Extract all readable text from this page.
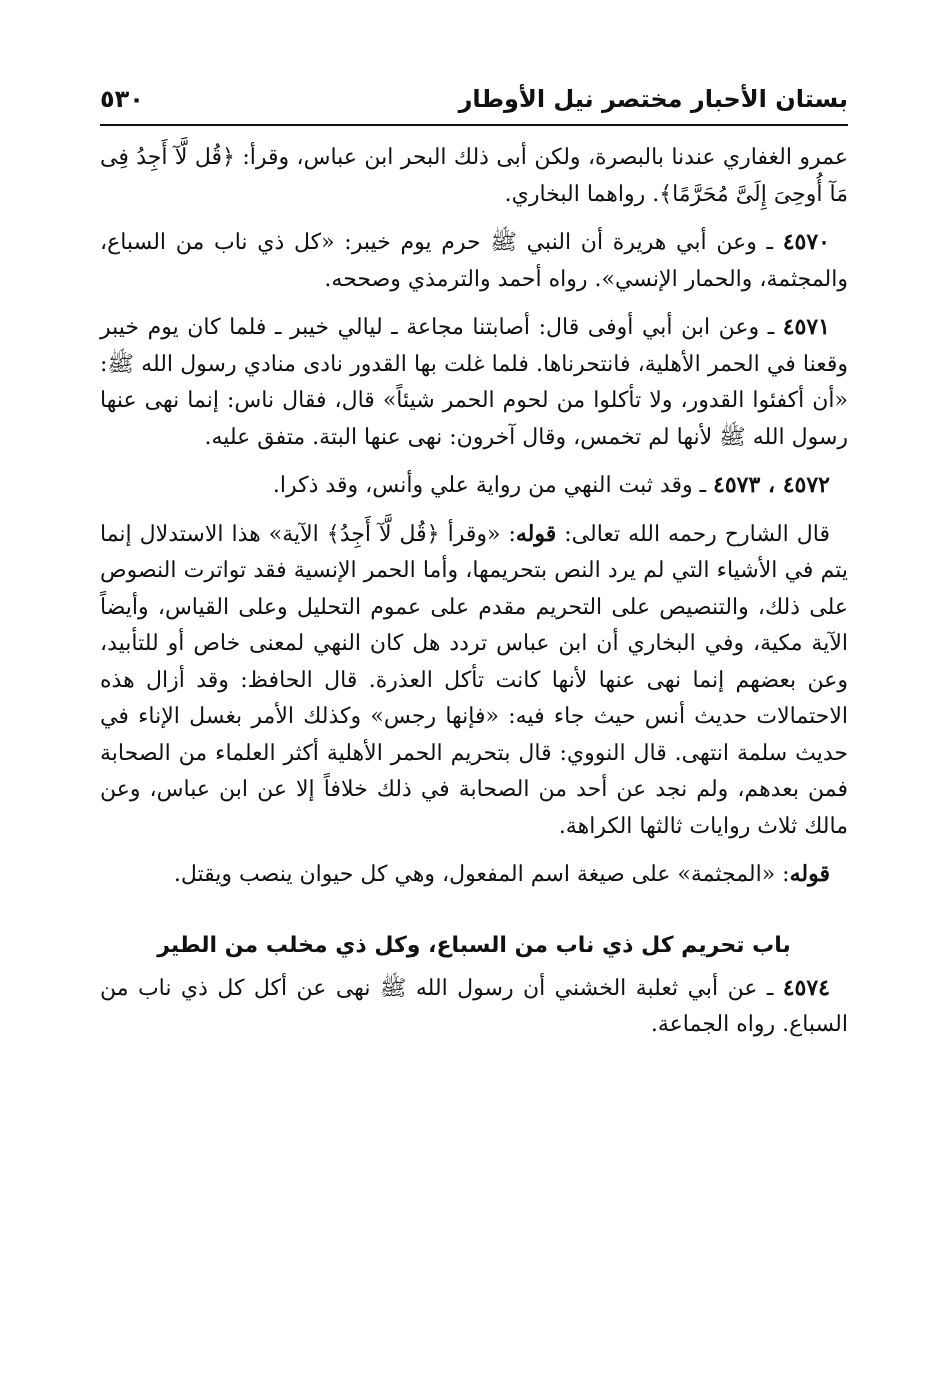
بستان الأحبار مختصر نيل الأوطار
٥٣٠

عمرو الغفاري عندنا بالبصرة، ولكن أبى ذلك البحر ابن عباس، وقرأ: ﴿قُل لَّآ أَجِدُ فِى مَآ أُوحِىَ إِلَىَّ مُحَرَّمًا﴾. رواهما البخاري.

٤٥٧٠ ـ وعن أبي هريرة أن النبي ﷺ حرم يوم خيبر: «كل ذي ناب من السباع، والمجثمة، والحمار الإنسي». رواه أحمد والترمذي وصححه.

٤٥٧١ ـ وعن ابن أبي أوفى قال: أصابتنا مجاعة ـ ليالي خيبر ـ فلما كان يوم خيبر وقعنا في الحمر الأهلية، فانتحرناها. فلما غلت بها القدور نادى منادي رسول الله ﷺ: «أن أكفئوا القدور، ولا تأكلوا من لحوم الحمر شيئاً» قال، فقال ناس: إنما نهى عنها رسول الله ﷺ لأنها لم تخمس، وقال آخرون: نهى عنها البتة. متفق عليه.

٤٥٧٢ ، ٤٥٧٣ ـ وقد ثبت النهي من رواية علي وأنس، وقد ذكرا.

قال الشارح رحمه الله تعالى: قوله: «وقرأ ﴿قُل لَّآ أَجِدُ﴾ الآية» هذا الاستدلال إنما يتم في الأشياء التي لم يرد النص بتحريمها، وأما الحمر الإنسية فقد تواترت النصوص على ذلك، والتنصيص على التحريم مقدم على عموم التحليل وعلى القياس، وأيضاً الآية مكية، وفي البخاري أن ابن عباس تردد هل كان النهي لمعنى خاص أو للتأبيد، وعن بعضهم إنما نهى عنها لأنها كانت تأكل العذرة. قال الحافظ: وقد أزال هذه الاحتمالات حديث أنس حيث جاء فيه: «فإنها رجس» وكذلك الأمر بغسل الإناء في حديث سلمة انتهى. قال النووي: قال بتحريم الحمر الأهلية أكثر العلماء من الصحابة فمن بعدهم، ولم نجد عن أحد من الصحابة في ذلك خلافاً إلا عن ابن عباس، وعن مالك ثلاث روايات ثالثها الكراهة.

قوله: «المجثمة» على صيغة اسم المفعول، وهي كل حيوان ينصب ويقتل.

باب تحريم كل ذي ناب من السباع، وكل ذي مخلب من الطير

٤٥٧٤ ـ عن أبي ثعلبة الخشني أن رسول الله ﷺ نهى عن أكل كل ذي ناب من السباع. رواه الجماعة.
